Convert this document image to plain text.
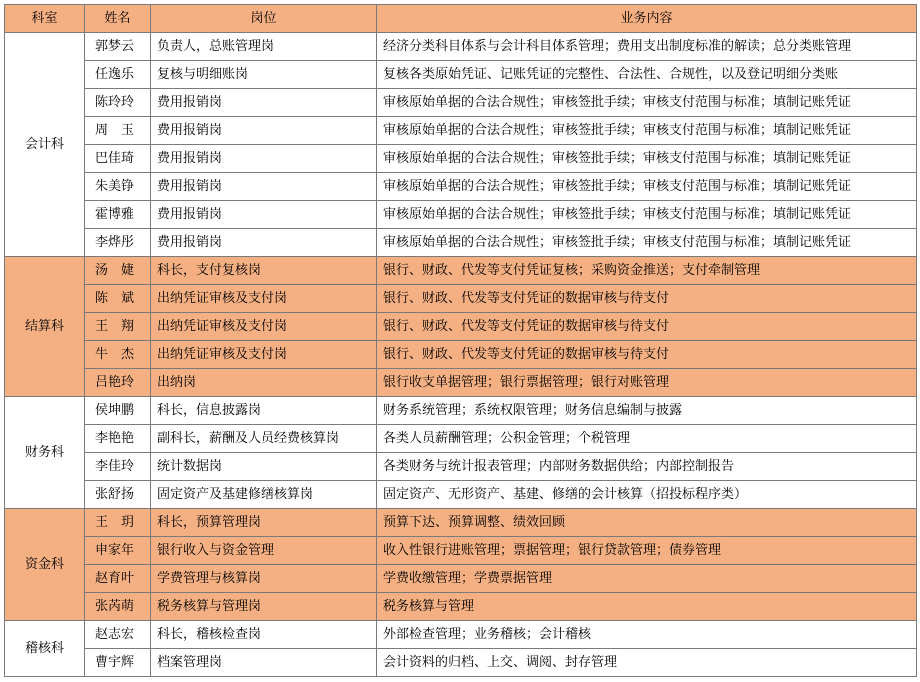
科室	姓名	岗位	业务内容
会计科	郭梦云	负责人，总账管理岗	经济分类科目体系与会计科目体系管理；费用支出制度标准的解读；总分类账管理
	任逸乐	复核与明细账岗	复核各类原始凭证、记账凭证的完整性、合法性、合规性，以及登记明细分类账
	陈玲玲	费用报销岗	审核原始单据的合法合规性；审核签批手续；审核支付范围与标准；填制记账凭证
	周　玉	费用报销岗	审核原始单据的合法合规性；审核签批手续；审核支付范围与标准；填制记账凭证
	巴佳琦	费用报销岗	审核原始单据的合法合规性；审核签批手续；审核支付范围与标准；填制记账凭证
	朱美铮	费用报销岗	审核原始单据的合法合规性；审核签批手续；审核支付范围与标准；填制记账凭证
	霍博雅	费用报销岗	审核原始单据的合法合规性；审核签批手续；审核支付范围与标准；填制记账凭证
	李烨彤	费用报销岗	审核原始单据的合法合规性；审核签批手续；审核支付范围与标准；填制记账凭证
结算科	汤　婕	科长，支付复核岗	银行、财政、代发等支付凭证复核；采购资金推送；支付牵制管理
	陈　斌	出纳凭证审核及支付岗	银行、财政、代发等支付凭证的数据审核与待支付
	王　翔	出纳凭证审核及支付岗	银行、财政、代发等支付凭证的数据审核与待支付
	牛　杰	出纳凭证审核及支付岗	银行、财政、代发等支付凭证的数据审核与待支付
	吕艳玲	出纳岗	银行收支单据管理；银行票据管理；银行对账管理
财务科	侯坤鹏	科长，信息披露岗	财务系统管理；系统权限管理；财务信息编制与披露
	李艳艳	副科长，薪酬及人员经费核算岗	各类人员薪酬管理；公积金管理；个税管理
	李佳玲	统计数据岗	各类财务与统计报表管理；内部财务数据供给；内部控制报告
	张舒扬	固定资产及基建修缮核算岗	固定资产、无形资产、基建、修缮的会计核算（招投标程序类）
资金科	王　玥	科长，预算管理岗	预算下达、预算调整、绩效回顾
	申家年	银行收入与资金管理	收入性银行进账管理；票据管理；银行贷款管理；债券管理
	赵育叶	学费管理与核算岗	学费收缴管理；学费票据管理
	张芮萌	税务核算与管理岗	税务核算与管理
稽核科	赵志宏	科长，稽核检查岗	外部检查管理；业务稽核；会计稽核
	曹宇辉	档案管理岗	会计资料的归档、上交、调阅、封存管理
